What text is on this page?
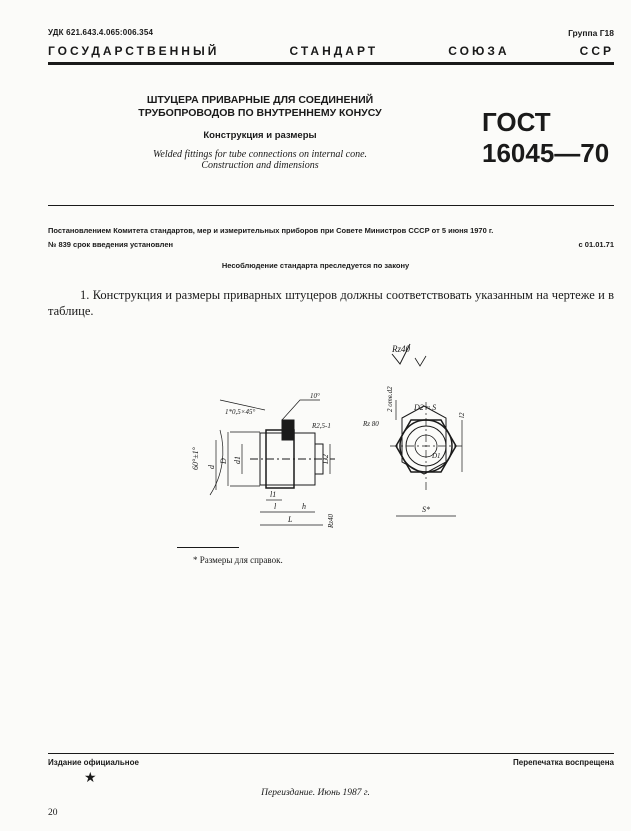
УДК 621.643.4.065:006.354	Группа Г18
ГОСУДАРСТВЕННЫЙ	СТАНДАРТ	СОЮЗА	ССР
ШТУЦЕРА ПРИВАРНЫЕ ДЛЯ СОЕДИНЕНИЙ
ТРУБОПРОВОДОВ ПО ВНУТРЕННЕМУ КОНУСУ
Конструкция и размеры
Welded fittings for tube connections on internal cone.
Construction and dimensions
ГОСТ
16045—70
Постановлением Комитета стандартов, мер и измерительных приборов при Совете Министров СССР от 5 июня 1970 г.
№ 839 срок введения установлен	с 01.01.71
Несоблюдение стандарта преследуется по закону
1. Конструкция и размеры приварных штуцеров должны соответствовать указанным на чертеже и в таблице.
Rz40
1*0,5×45°
10°
R2,5-1
60°±1°
Rz 80
Rz40
d
D d1	D2
l1
l	h
L
D2 ≈ S
S*
D1
2 отв.d2
l2
* Размеры для справок.
Издание официальное	Перепечатка воспрещена
★
Переиздание. Июнь 1987 г.
20
